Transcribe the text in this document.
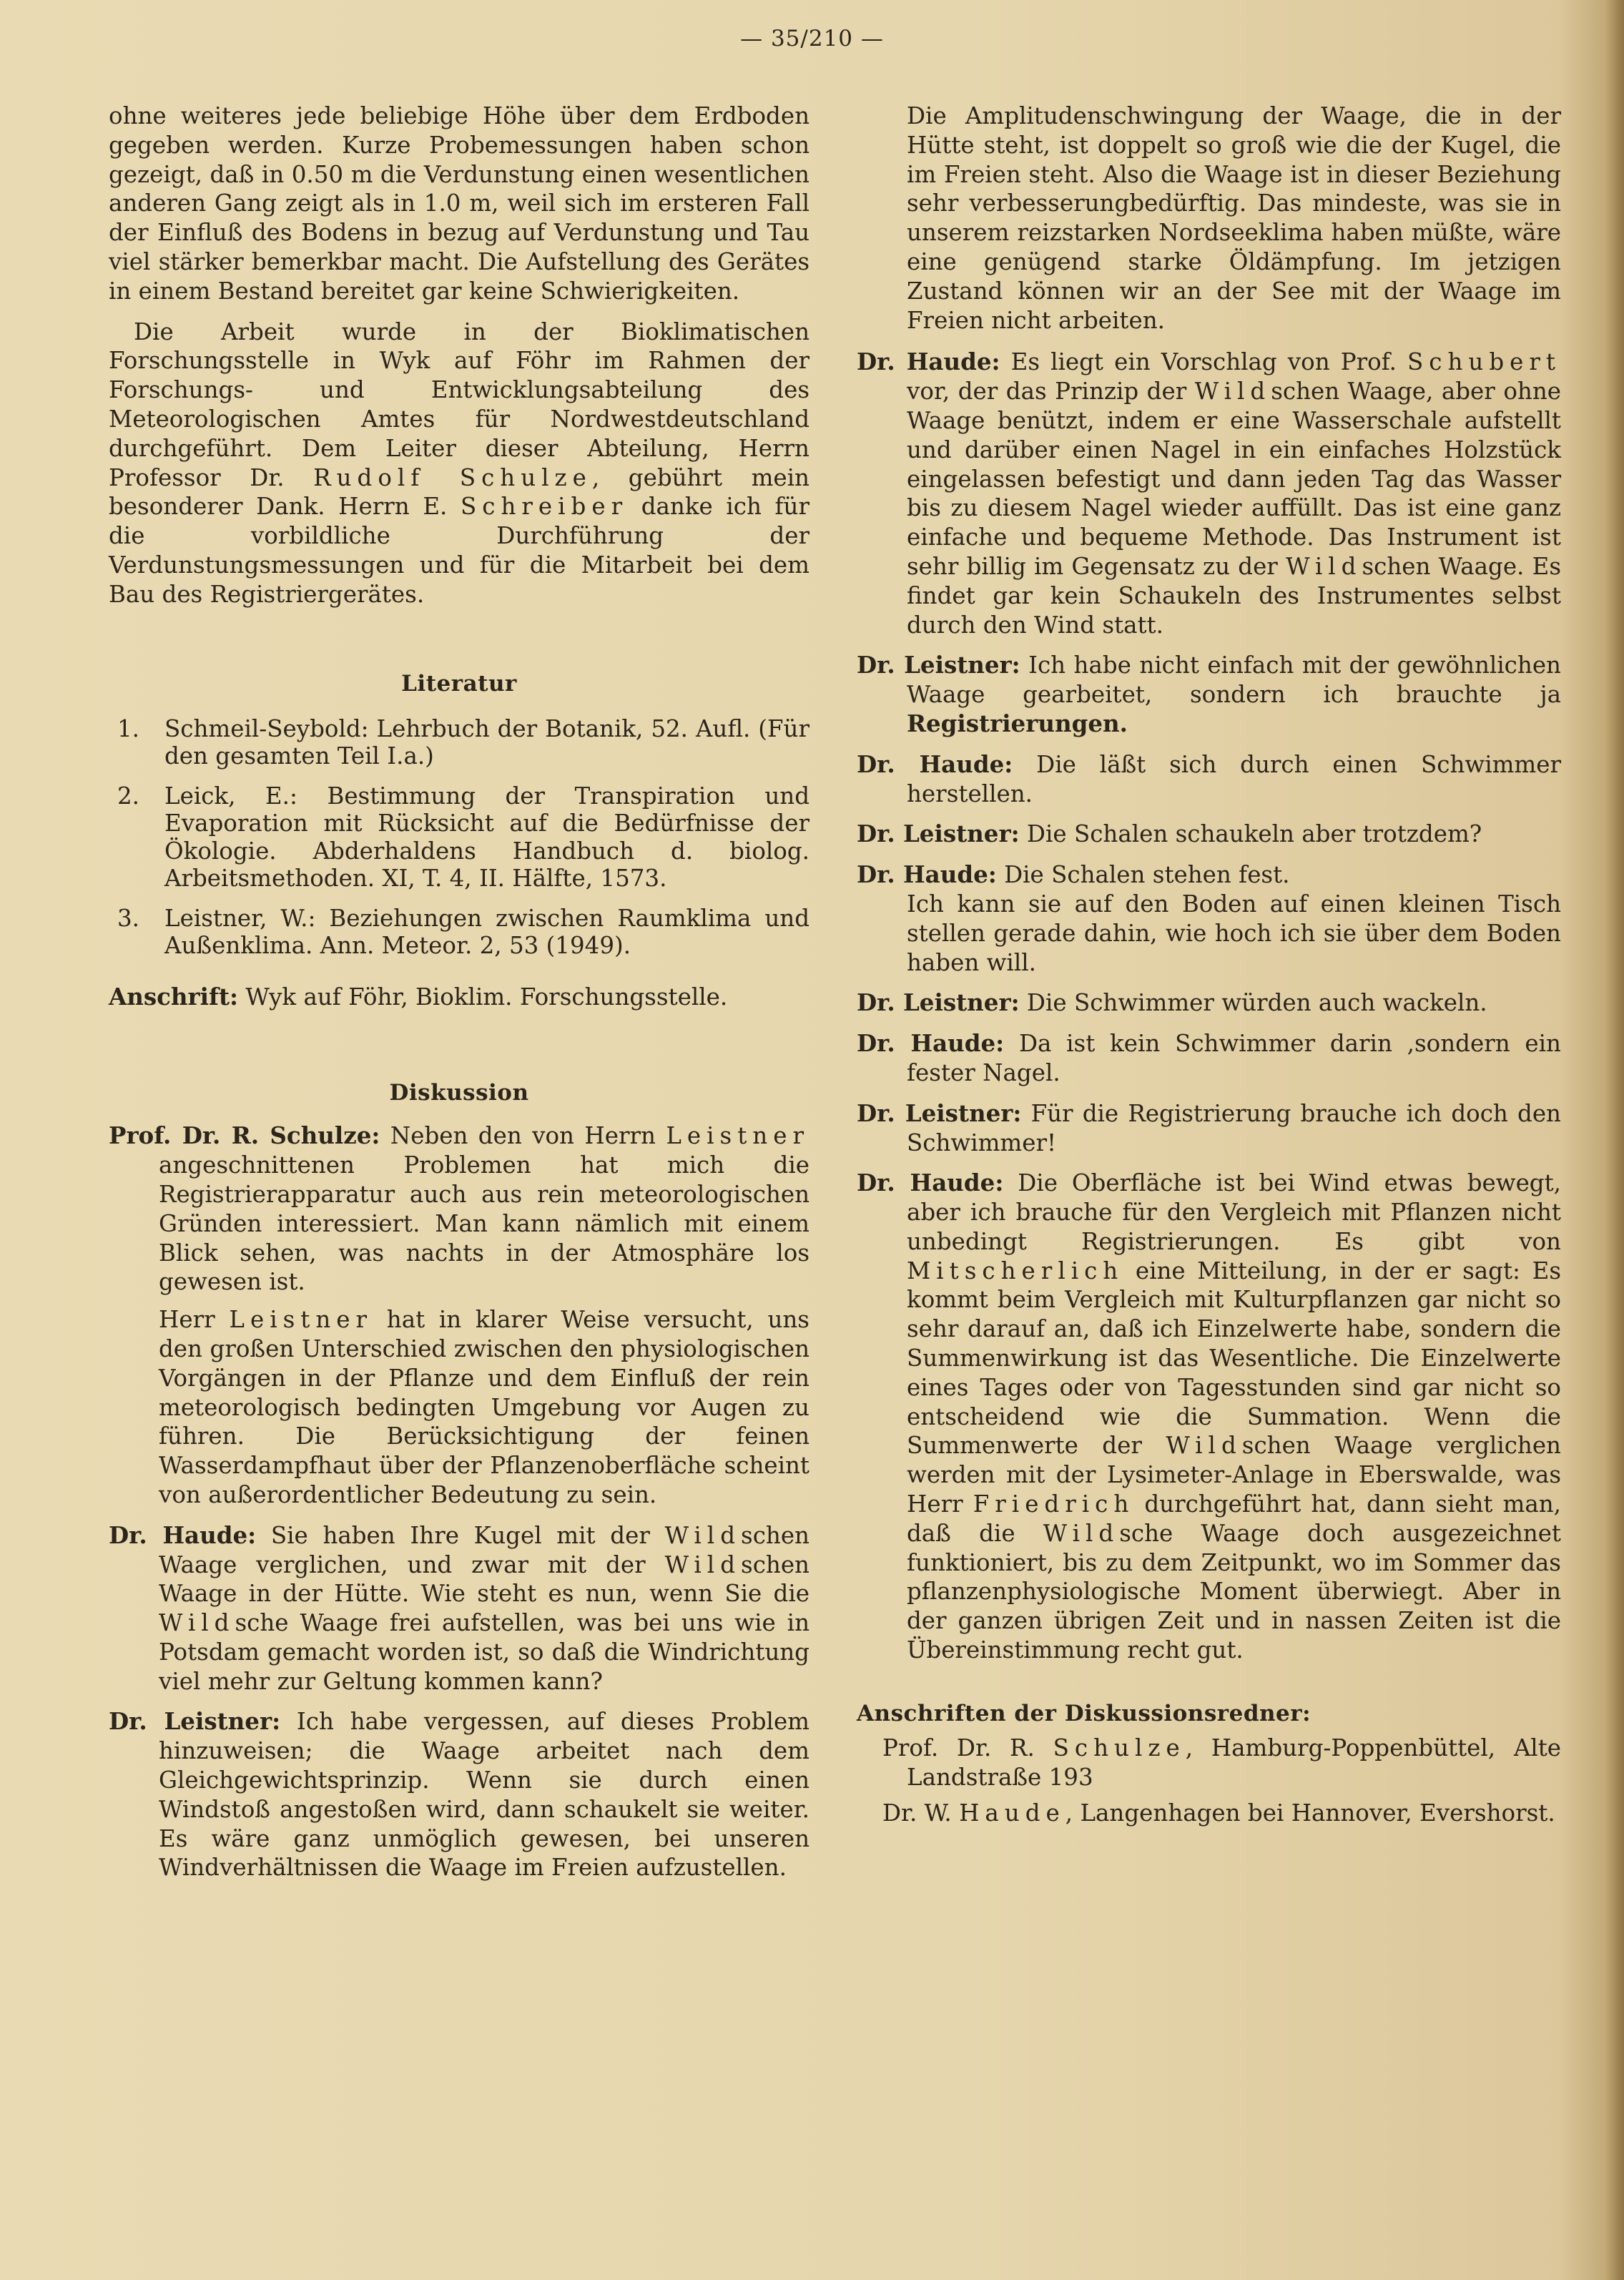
— 35/210 —

ohne weiteres jede beliebige Höhe über dem Erdboden gegeben werden. Kurze Probemessungen haben schon gezeigt, daß in 0.50 m die Verdunstung einen wesentlichen anderen Gang zeigt als in 1.0 m, weil sich im ersteren Fall der Einfluß des Bodens in bezug auf Verdunstung und Tau viel stärker bemerkbar macht. Die Aufstellung des Gerätes in einem Bestand bereitet gar keine Schwierigkeiten.

Die Arbeit wurde in der Bioklimatischen Forschungsstelle in Wyk auf Föhr im Rahmen der Forschungs- und Entwicklungsabteilung des Meteorologischen Amtes für Nordwestdeutschland durchgeführt. Dem Leiter dieser Abteilung, Herrn Professor Dr. Rudolf Schulze, gebührt mein besonderer Dank. Herrn E. Schreiber danke ich für die vorbildliche Durchführung der Verdunstungsmessungen und für die Mitarbeit bei dem Bau des Registriergerätes.

Literatur
1.	Schmeil-Seybold: Lehrbuch der Botanik, 52. Aufl. (Für den gesamten Teil I.a.)
2.	Leick, E.: Bestimmung der Transpiration und Evaporation mit Rücksicht auf die Bedürfnisse der Ökologie. Abderhaldens Handbuch d. biolog. Arbeitsmethoden. XI, T. 4, II. Hälfte, 1573.
3.	Leistner, W.: Beziehungen zwischen Raumklima und Außenklima. Ann. Meteor. 2, 53 (1949).

Anschrift: Wyk auf Föhr, Bioklim. Forschungsstelle.

Diskussion

Prof. Dr. R. Schulze: Neben den von Herrn Leistner angeschnittenen Problemen hat mich die Registrierapparatur auch aus rein meteorologischen Gründen interessiert. Man kann nämlich mit einem Blick sehen, was nachts in der Atmosphäre los gewesen ist.

Herr Leistner hat in klarer Weise versucht, uns den großen Unterschied zwischen den physiologischen Vorgängen in der Pflanze und dem Einfluß der rein meteorologisch bedingten Umgebung vor Augen zu führen. Die Berücksichtigung der feinen Wasserdampfhaut über der Pflanzenoberfläche scheint von außerordentlicher Bedeutung zu sein.

Dr. Haude: Sie haben Ihre Kugel mit der Wildschen Waage verglichen, und zwar mit der Wildschen Waage in der Hütte. Wie steht es nun, wenn Sie die Wildsche Waage frei aufstellen, was bei uns wie in Potsdam gemacht worden ist, so daß die Windrichtung viel mehr zur Geltung kommen kann?

Dr. Leistner: Ich habe vergessen, auf dieses Problem hinzuweisen; die Waage arbeitet nach dem Gleichgewichtsprinzip. Wenn sie durch einen Windstoß angestoßen wird, dann schaukelt sie weiter. Es wäre ganz unmöglich gewesen, bei unseren Windverhältnissen die Waage im Freien aufzustellen.

Die Amplitudenschwingung der Waage, die in der Hütte steht, ist doppelt so groß wie die der Kugel, die im Freien steht. Also die Waage ist in dieser Beziehung sehr verbesserungbedürftig. Das mindeste, was sie in unserem reizstarken Nordseeklima haben müßte, wäre eine genügend starke Öldämpfung. Im jetzigen Zustand können wir an der See mit der Waage im Freien nicht arbeiten.

Dr. Haude: Es liegt ein Vorschlag von Prof. Schubert vor, der das Prinzip der Wildschen Waage, aber ohne Waage benützt, indem er eine Wasserschale aufstellt und darüber einen Nagel in ein einfaches Holzstück eingelassen befestigt und dann jeden Tag das Wasser bis zu diesem Nagel wieder auffüllt. Das ist eine ganz einfache und bequeme Methode. Das Instrument ist sehr billig im Gegensatz zu der Wildschen Waage. Es findet gar kein Schaukeln des Instrumentes selbst durch den Wind statt.

Dr. Leistner: Ich habe nicht einfach mit der gewöhnlichen Waage gearbeitet, sondern ich brauchte ja Registrierungen.

Dr. Haude: Die läßt sich durch einen Schwimmer herstellen.

Dr. Leistner: Die Schalen schaukeln aber trotzdem?

Dr. Haude: Die Schalen stehen fest.

Ich kann sie auf den Boden auf einen kleinen Tisch stellen gerade dahin, wie hoch ich sie über dem Boden haben will.

Dr. Leistner: Die Schwimmer würden auch wackeln.

Dr. Haude: Da ist kein Schwimmer darin ,sondern ein fester Nagel.

Dr. Leistner: Für die Registrierung brauche ich doch den Schwimmer!

Dr. Haude: Die Oberfläche ist bei Wind etwas bewegt, aber ich brauche für den Vergleich mit Pflanzen nicht unbedingt Registrierungen. Es gibt von Mitscherlich eine Mitteilung, in der er sagt: Es kommt beim Vergleich mit Kulturpflanzen gar nicht so sehr darauf an, daß ich Einzelwerte habe, sondern die Summenwirkung ist das Wesentliche. Die Einzelwerte eines Tages oder von Tagesstunden sind gar nicht so entscheidend wie die Summation. Wenn die Summenwerte der Wildschen Waage verglichen werden mit der Lysimeter-Anlage in Eberswalde, was Herr Friedrich durchgeführt hat, dann sieht man, daß die Wildsche Waage doch ausgezeichnet funktioniert, bis zu dem Zeitpunkt, wo im Sommer das pflanzenphysiologische Moment überwiegt. Aber in der ganzen übrigen Zeit und in nassen Zeiten ist die Übereinstimmung recht gut.

Anschriften der Diskussionsredner:

Prof. Dr. R. Schulze, Hamburg-Poppenbüttel, Alte Landstraße 193

Dr. W. Haude, Langenhagen bei Hannover, Evershorst.
